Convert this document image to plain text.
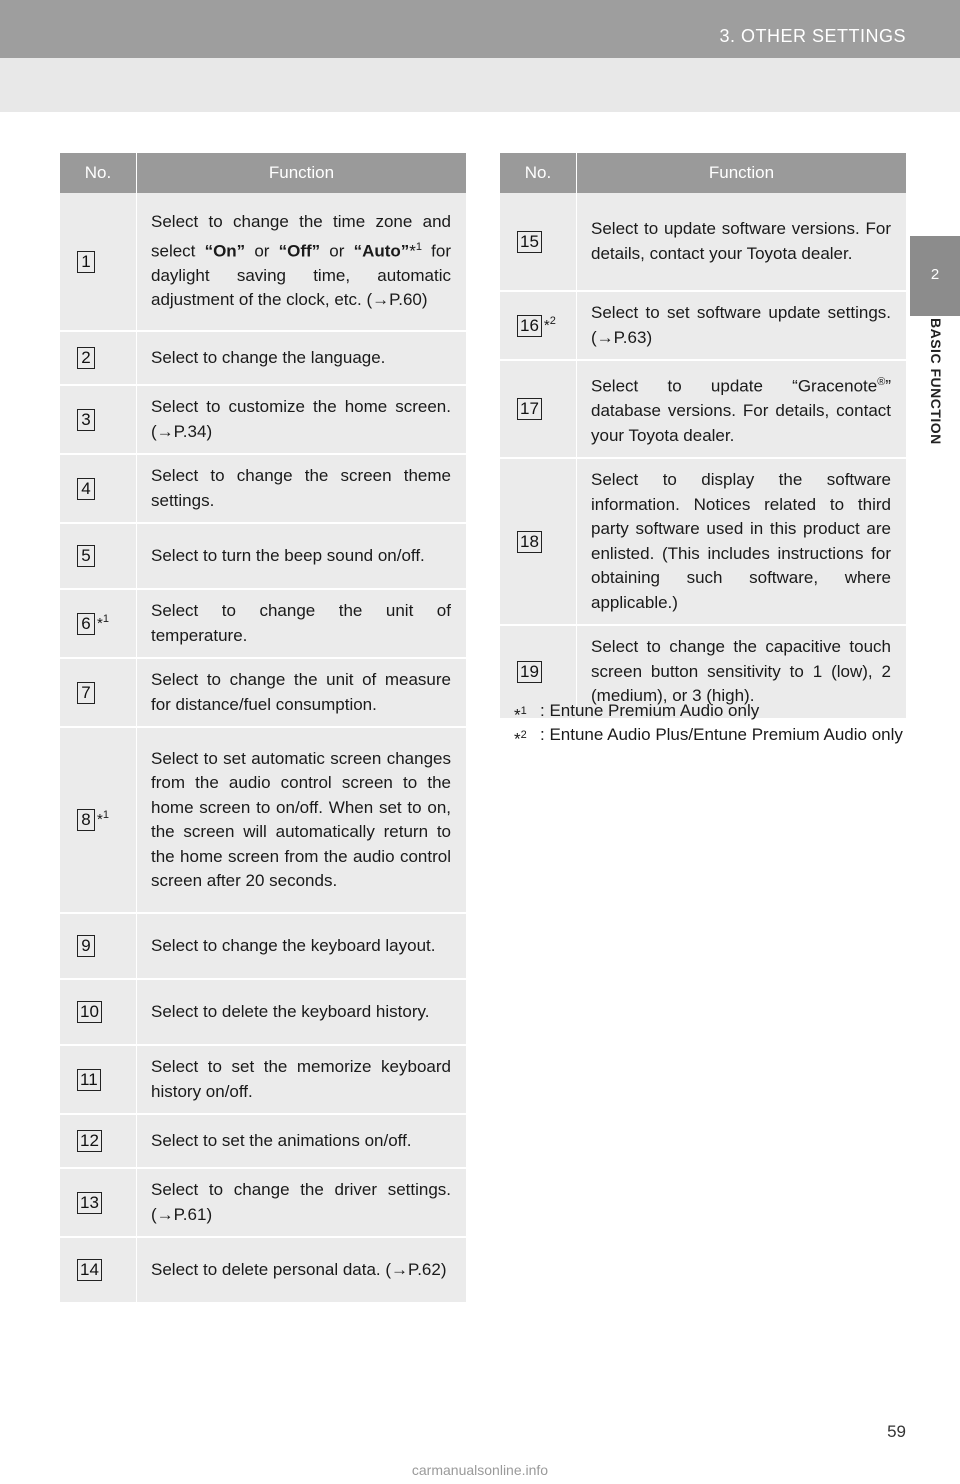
3. OTHER SETTINGS
2
BASIC FUNCTION
No.	Function
1	Select to change the time zone and select “On” or “Off” or “Auto”*$^1$ for daylight saving time, automatic adjustment of the clock, etc. (→P.60)
2	Select to change the language.
3	Select to customize the home screen. (→P.34)
4	Select to change the screen theme settings.
5	Select to turn the beep sound on/off.
6 *$^1$	Select to change the unit of temperature.
7	Select to change the unit of measure for distance/fuel consumption.
8 *$^1$	Select to set automatic screen changes from the audio control screen to the home screen to on/off. When set to on, the screen will automatically return to the home screen from the audio control screen after 20 seconds.
9	Select to change the keyboard layout.
10	Select to delete the keyboard history.
11	Select to set the memorize keyboard history on/off.
12	Select to set the animations on/off.
13	Select to change the driver settings. (→P.61)
14	Select to delete personal data. (→P.62)
No.	Function
15	Select to update software versions. For details, contact your Toyota dealer.
16 *$^2$	Select to set software update settings. (→P.63)
17	Select to update “Gracenote®” database versions. For details, contact your Toyota dealer.
18	Select to display the software information. Notices related to third party software used in this product are enlisted. (This includes instructions for obtaining such software, where applicable.)
19	Select to change the capacitive touch screen button sensitivity to 1 (low), 2 (medium), or 3 (high).
*$^1$ : Entune Premium Audio only
*$^2$ : Entune Audio Plus/Entune Premium Audio only
59
carmanualsonline.info
